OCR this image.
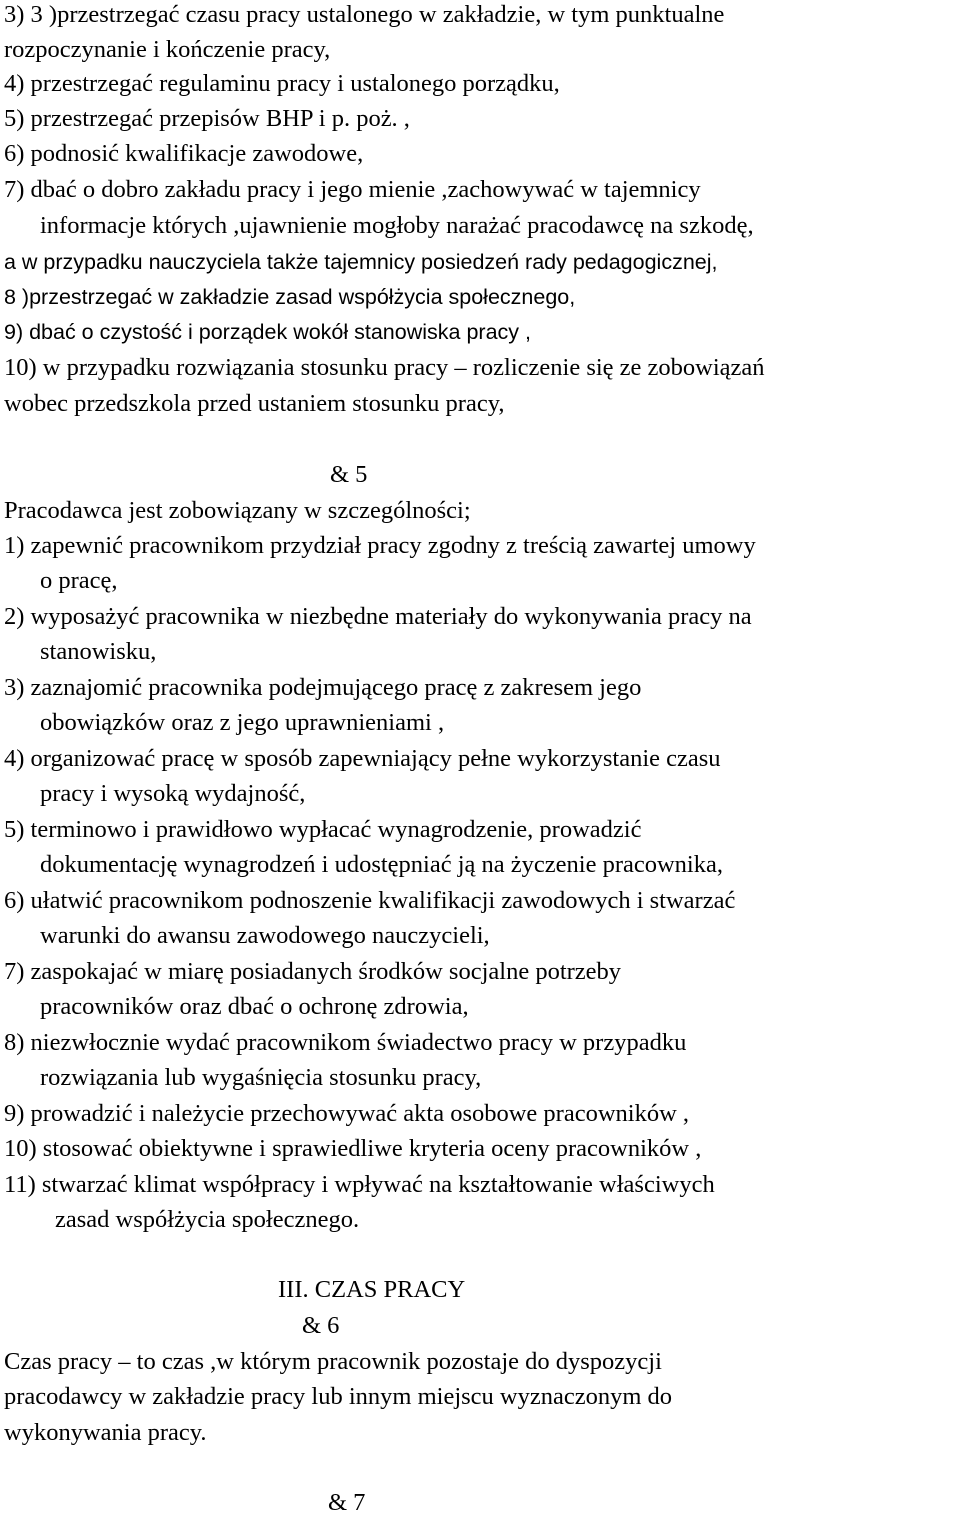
3) 3 )przestrzegać czasu pracy ustalonego w zakładzie, w tym punktualne
rozpoczynanie i kończenie pracy,
4) przestrzegać regulaminu pracy i ustalonego porządku,
5) przestrzegać przepisów BHP i p. poż. ,
6) podnosić kwalifikacje zawodowe,
7) dbać o dobro zakładu pracy i jego mienie ,zachowywać w tajemnicy
informacje których ,ujawnienie mogłoby narażać pracodawcę na szkodę,
a w przypadku nauczyciela także tajemnicy posiedzeń rady pedagogicznej,
8 )przestrzegać w zakładzie zasad współżycia społecznego,
9) dbać o czystość i porządek wokół stanowiska pracy ,
10) w przypadku rozwiązania stosunku pracy – rozliczenie się ze zobowiązań
wobec przedszkola przed ustaniem stosunku pracy,
& 5
Pracodawca jest zobowiązany w szczególności;
1) zapewnić pracownikom przydział pracy zgodny z treścią zawartej umowy
o pracę,
2) wyposażyć pracownika w niezbędne materiały do wykonywania pracy na
stanowisku,
3) zaznajomić pracownika podejmującego pracę z zakresem jego
obowiązków oraz z jego uprawnieniami ,
4) organizować pracę w sposób zapewniający pełne wykorzystanie czasu
pracy i wysoką wydajność,
5) terminowo i prawidłowo wypłacać wynagrodzenie, prowadzić
dokumentację wynagrodzeń i udostępniać ją na życzenie pracownika,
6) ułatwić pracownikom podnoszenie kwalifikacji zawodowych i stwarzać
warunki do awansu zawodowego nauczycieli,
7) zaspokajać w miarę posiadanych środków socjalne potrzeby
pracowników oraz dbać o ochronę zdrowia,
8) niezwłocznie wydać pracownikom świadectwo pracy w przypadku
rozwiązania lub wygaśnięcia stosunku pracy,
9) prowadzić i należycie przechowywać akta osobowe pracowników ,
10) stosować obiektywne i sprawiedliwe kryteria oceny pracowników ,
11) stwarzać klimat współpracy i wpływać na kształtowanie właściwych
zasad współżycia społecznego.
III. CZAS PRACY
& 6
Czas pracy – to czas ,w którym pracownik pozostaje do dyspozycji
pracodawcy w zakładzie pracy lub innym miejscu wyznaczonym do
wykonywania pracy.
& 7
